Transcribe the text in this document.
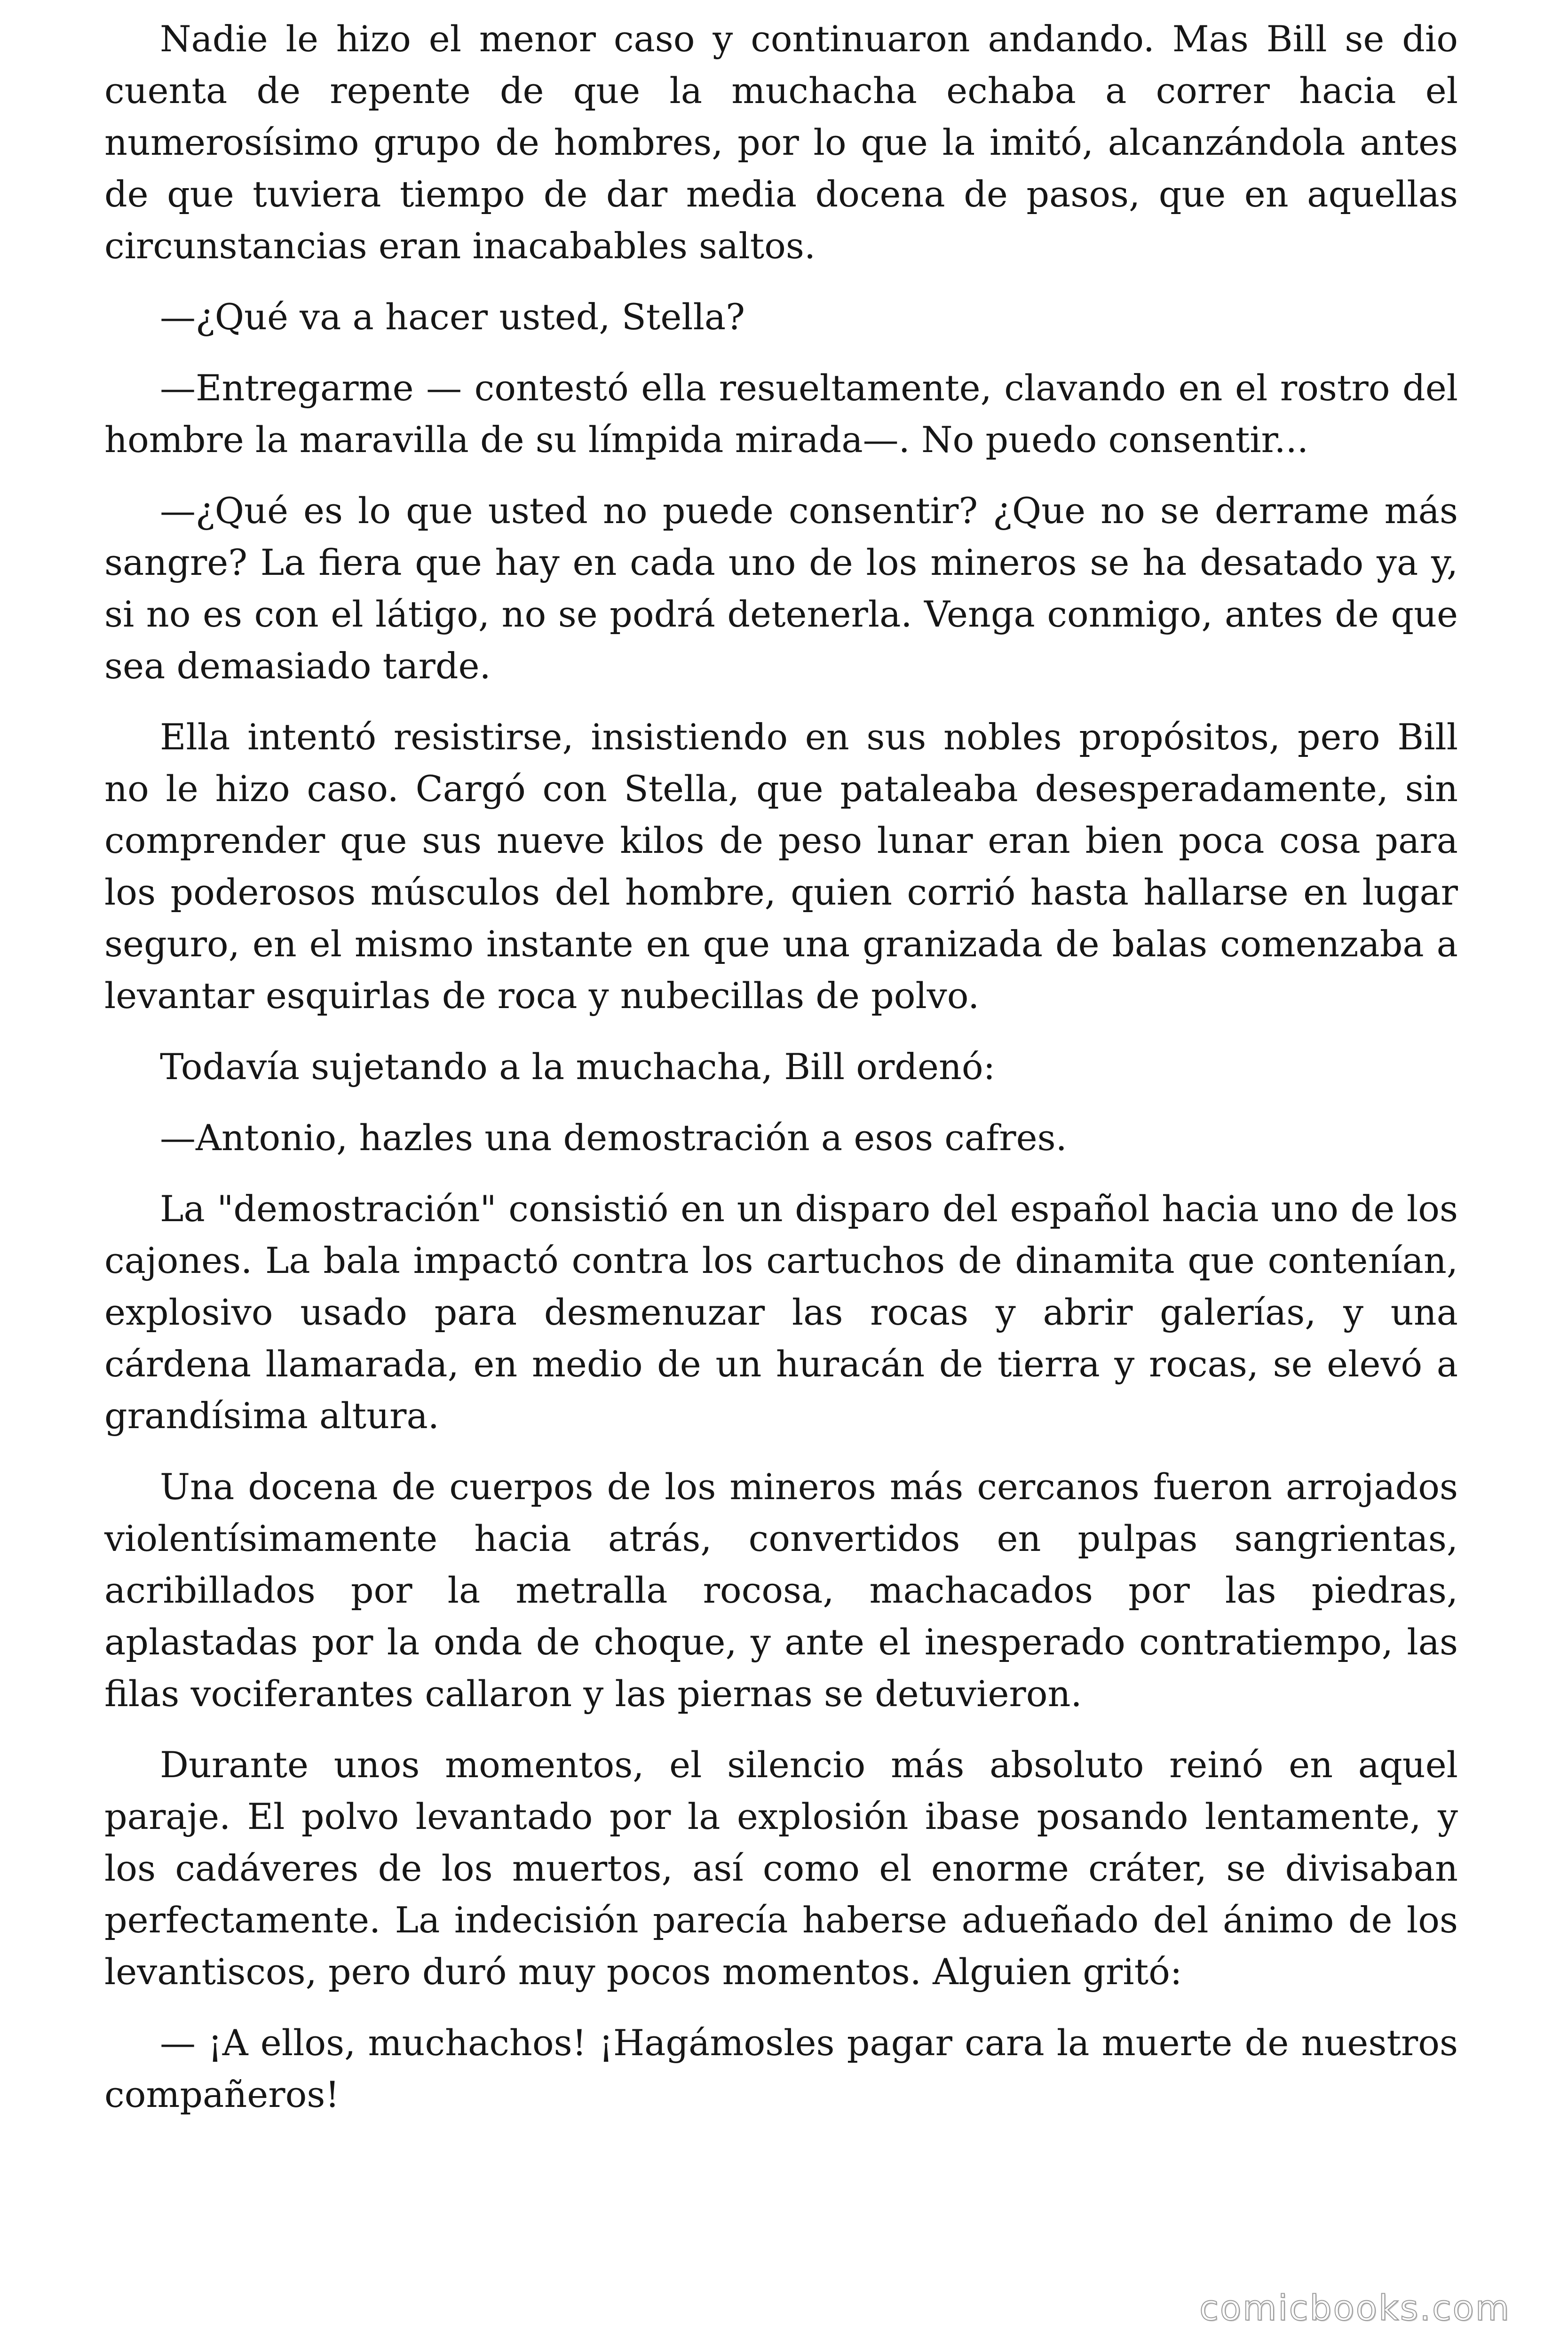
Nadie le hizo el menor caso y continuaron andando. Mas Bill se dio cuenta de repente de que la muchacha echaba a correr hacia el numerosísimo grupo de hombres, por lo que la imitó, alcanzándola antes de que tuviera tiempo de dar media docena de pasos, que en aquellas circunstancias eran inacabables saltos.

—¿Qué va a hacer usted, Stella?

—Entregarme — contestó ella resueltamente, clavando en el rostro del hombre la maravilla de su límpida mirada—. No puedo consentir...

—¿Qué es lo que usted no puede consentir? ¿Que no se derrame más sangre? La fiera que hay en cada uno de los mineros se ha desatado ya y, si no es con el látigo, no se podrá detenerla. Venga conmigo, antes de que sea demasiado tarde.

Ella intentó resistirse, insistiendo en sus nobles propósitos, pero Bill no le hizo caso. Cargó con Stella, que pataleaba desesperadamente, sin comprender que sus nueve kilos de peso lunar eran bien poca cosa para los poderosos músculos del hombre, quien corrió hasta hallarse en lugar seguro, en el mismo instante en que una granizada de balas comenzaba a levantar esquirlas de roca y nubecillas de polvo.

Todavía sujetando a la muchacha, Bill ordenó:

—Antonio, hazles una demostración a esos cafres.

La "demostración" consistió en un disparo del español hacia uno de los cajones. La bala impactó contra los cartuchos de dinamita que contenían, explosivo usado para desmenuzar las rocas y abrir galerías, y una cárdena llamarada, en medio de un huracán de tierra y rocas, se elevó a grandísima altura.

Una docena de cuerpos de los mineros más cercanos fueron arrojados violentísimamente hacia atrás, convertidos en pulpas sangrientas, acribillados por la metralla rocosa, machacados por las piedras, aplastadas por la onda de choque, y ante el inesperado contratiempo, las filas vociferantes callaron y las piernas se detuvieron.

Durante unos momentos, el silencio más absoluto reinó en aquel paraje. El polvo levantado por la explosión ibase posando lentamente, y los cadáveres de los muertos, así como el enorme cráter, se divisaban perfectamente. La indecisión parecía haberse adueñado del ánimo de los levantiscos, pero duró muy pocos momentos. Alguien gritó:

— ¡A ellos, muchachos! ¡Hagámosles pagar cara la muerte de nuestros compañeros!

comicbooks.com
